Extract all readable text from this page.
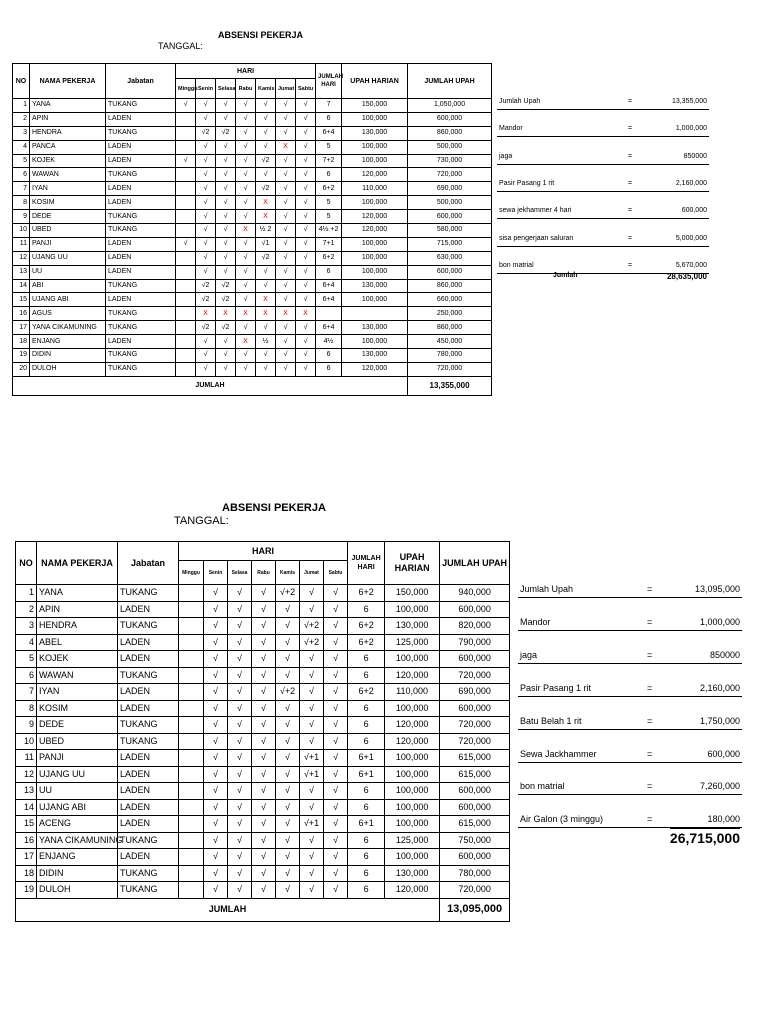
ABSENSI PEKERJA
TANGGAL:
NO	NAMA PEKERJA	Jabatan	HARI							JUMLAH HARI	UPAH HARIAN	JUMLAH UPAH
			Minggu	Senin	Selasa	Rabu	Kamis	Jumat	Sabtu			
1	YANA	TUKANG	√	√	√	√	√	√	√	7	150,000	1,050,000
2	APIN	LADEN		√	√	√	√	√	√	6	100,000	600,000
3	HENDRA	TUKANG		√2	√2	√	√	√	√	6+4	130,000	860,000
4	PANCA	LADEN		√	√	√	√	X	√	5	100,000	500,000
5	KOJEK	LADEN	√	√	√	√	√2	√	√	7+2	100,000	730,000
6	WAWAN	TUKANG		√	√	√	√	√	√	6	120,000	720,000
7	IYAN	LADEN		√	√	√	√2	√	√	6+2	110,000	690,000
8	KOSIM	LADEN		√	√	√	X	√	√	5	100,000	500,000
9	DEDE	TUKANG		√	√	√	X	√	√	5	120,000	600,000
10	UBED	TUKANG		√	√	X	½ 2	√	√	4½ +2	120,000	580,000
11	PANJI	LADEN	√	√	√	√	√1	√	√	7+1	100,000	715,000
12	UJANG UU	LADEN		√	√	√	√2	√	√	6+2	100,000	630,000
13	UU	LADEN		√	√	√	√	√	√	6	100,000	600,000
14	ABI	TUKANG		√2	√2	√	√	√	√	6+4	130,000	860,000
15	UJANG ABI	LADEN		√2	√2	√	X	√	√	6+4	100,000	660,000
16	AGUS	TUKANG		X	X	X	X	X	X			250,000
17	YANA CIKAMUNING	TUKANG		√2	√2	√	√	√	√	6+4	130,000	860,000
18	ENJANG	LADEN		√	√	X	½	√	√	4½	100,000	450,000
19	DIDIN	TUKANG		√	√	√	√	√	√	6	130,000	780,000
20	DULOH	TUKANG		√	√	√	√	√	√	6	120,000	720,000
JUMLAH												13,355,000
Jumlah Upah	=	13,355,000
Mandor	=	1,000,000
jaga	=	850000
Pasir Pasang 1 rit	=	2,160,000
sewa jekhammer 4 hari	=	600,000
sisa pengerjaan saluran	=	5,000,000
bon matrial	=	5,670,000
Jumlah	28,635,000
ABSENSI PEKERJA
TANGGAL:
NO	NAMA PEKERJA	Jabatan	HARI							JUMLAH HARI	UPAH HARIAN	JUMLAH UPAH
			Minggu	Senin	Selasa	Rabu	Kamis	Jumat	Sabtu			
1	YANA	TUKANG		√	√	√	√+2	√	√	6+2	150,000	940,000
2	APIN	LADEN		√	√	√	√	√	√	6	100,000	600,000
3	HENDRA	TUKANG		√	√	√	√	√+2	√	6+2	130,000	820,000
4	ABEL	LADEN		√	√	√	√	√+2	√	6+2	125,000	790,000
5	KOJEK	LADEN		√	√	√	√	√	√	6	100,000	600,000
6	WAWAN	TUKANG		√	√	√	√	√	√	6	120,000	720,000
7	IYAN	LADEN		√	√	√	√+2	√	√	6+2	110,000	690,000
8	KOSIM	LADEN		√	√	√	√	√	√	6	100,000	600,000
9	DEDE	TUKANG		√	√	√	√	√	√	6	120,000	720,000
10	UBED	TUKANG		√	√	√	√	√	√	6	120,000	720,000
11	PANJI	LADEN		√	√	√	√	√+1	√	6+1	100,000	615,000
12	UJANG UU	LADEN		√	√	√	√	√+1	√	6+1	100,000	615,000
13	UU	LADEN		√	√	√	√	√	√	6	100,000	600,000
14	UJANG ABI	LADEN		√	√	√	√	√	√	6	100,000	600,000
15	ACENG	LADEN		√	√	√	√	√+1	√	6+1	100,000	615,000
16	YANA CIKAMUNING	TUKANG		√	√	√	√	√	√	6	125,000	750,000
17	ENJANG	LADEN		√	√	√	√	√	√	6	100,000	600,000
18	DIDIN	TUKANG		√	√	√	√	√	√	6	130,000	780,000
19	DULOH	TUKANG		√	√	√	√	√	√	6	120,000	720,000
JUMLAH												13,095,000
Jumlah Upah	=	13,095,000
Mandor	=	1,000,000
jaga	=	850000
Pasir Pasang 1 rit	=	2,160,000
Batu Belah 1 rit	=	1,750,000
Sewa Jackhammer	=	600,000
bon matrial	=	7,260,000
Air Galon (3 minggu)	=	180,000
26,715,000
